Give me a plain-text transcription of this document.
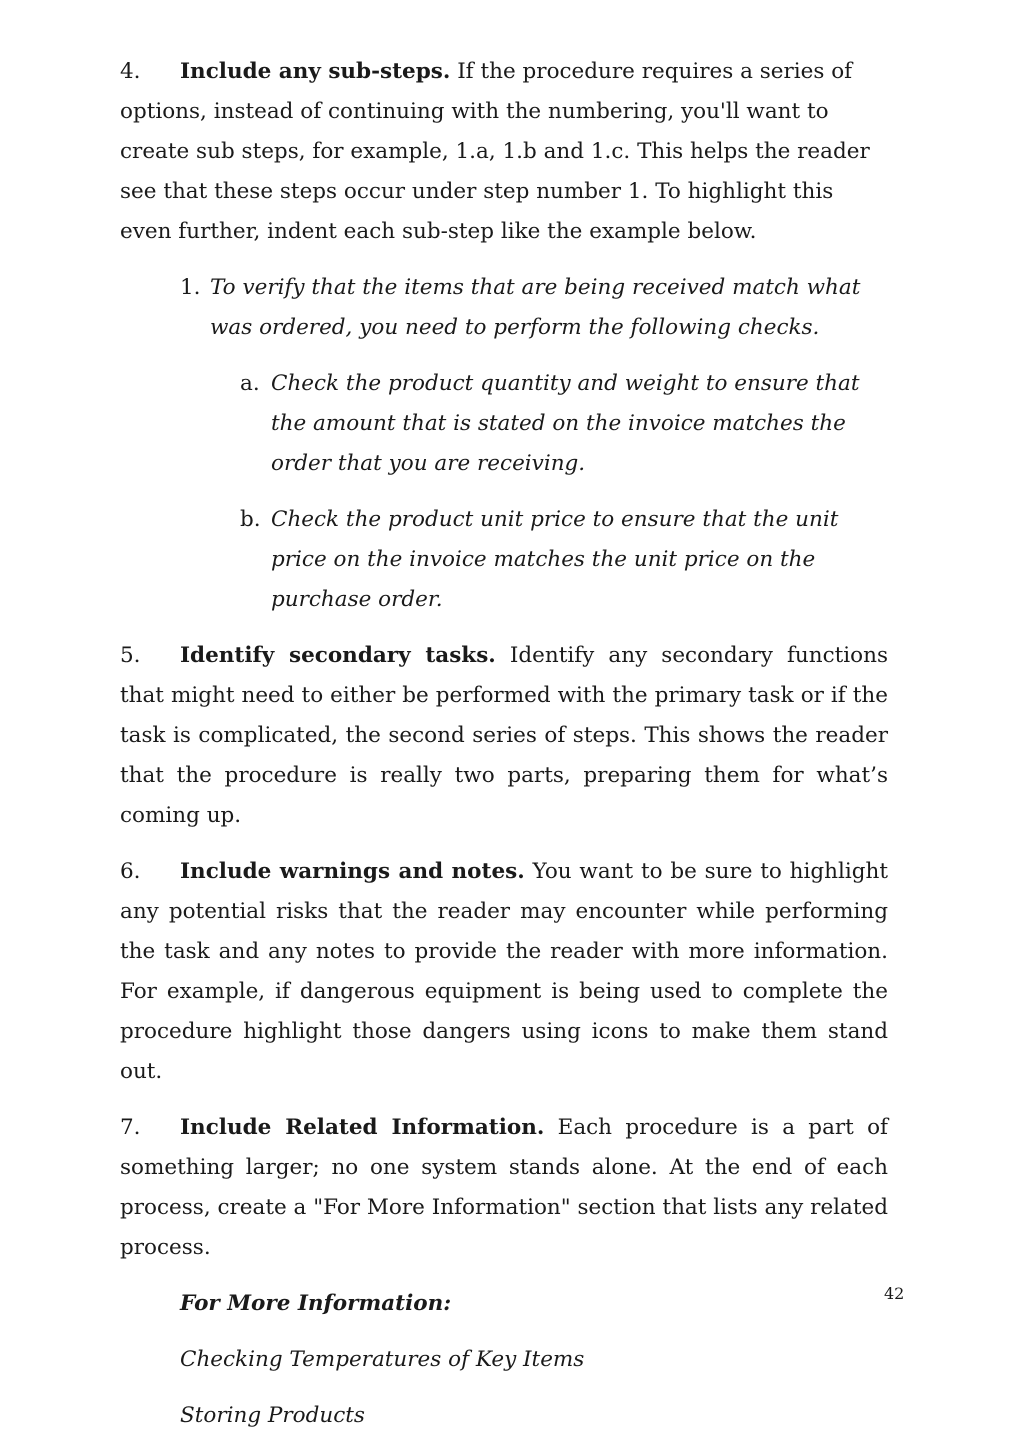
4. Include any sub-steps. If the procedure requires a series of options, instead of continuing with the numbering, you'll want to create sub steps, for example, 1.a, 1.b and 1.c. This helps the reader see that these steps occur under step number 1. To highlight this even further, indent each sub-step like the example below.

1. To verify that the items that are being received match what was ordered, you need to perform the following checks.

a. Check the product quantity and weight to ensure that the amount that is stated on the invoice matches the order that you are receiving.

b. Check the product unit price to ensure that the unit price on the invoice matches the unit price on the purchase order.

5. Identify secondary tasks. Identify any secondary functions that might need to either be performed with the primary task or if the task is complicated, the second series of steps. This shows the reader that the procedure is really two parts, preparing them for what’s coming up.

6. Include warnings and notes. You want to be sure to highlight any potential risks that the reader may encounter while performing the task and any notes to provide the reader with more information. For example, if dangerous equipment is being used to complete the procedure highlight those dangers using icons to make them stand out.

7. Include Related Information. Each procedure is a part of something larger; no one system stands alone. At the end of each process, create a "For More Information" section that lists any related process.

For More Information:

Checking Temperatures of Key Items

Storing Products

42
